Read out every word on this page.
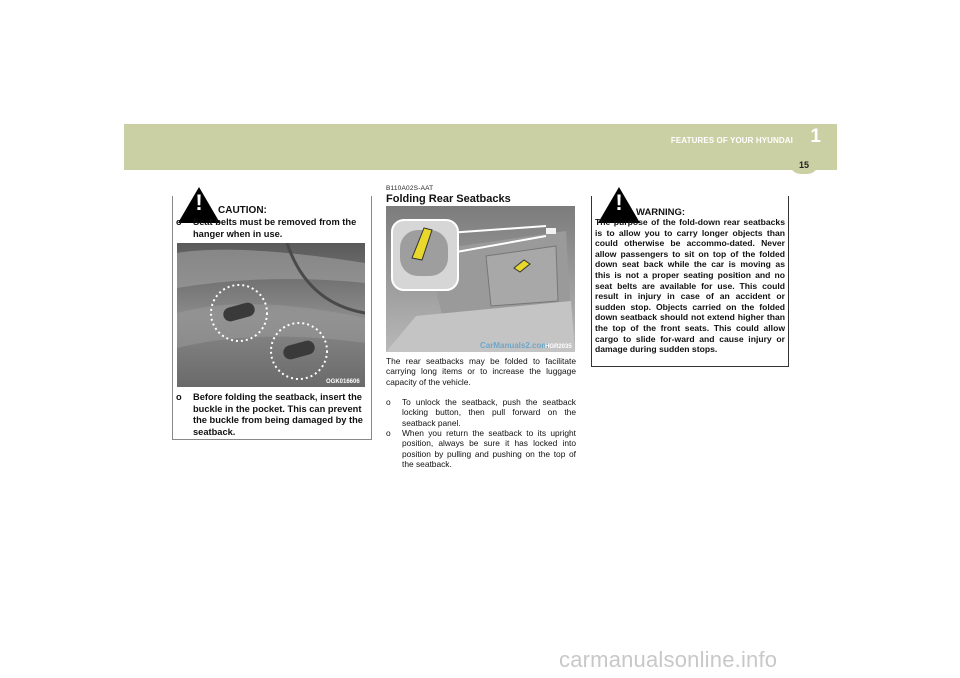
FEATURES OF YOUR HYUNDAI 1
15
!	CAUTION:
o	Seat belts must be removed from the hanger when in use.
OGK016606
o	Before folding the seatback, insert the buckle in the pocket. This can prevent the buckle from being damaged by the seatback.
B110A02S-AAT
Folding Rear Seatbacks
CarManuals2.com
HGR2035
The rear seatbacks may be folded to facilitate carrying long items or to increase the luggage capacity of the vehicle.
o	To unlock the seatback, push the seatback locking button, then pull forward on the seatback panel.
o	When you return the seatback to its upright position, always be sure it has locked into position by pulling and pushing on the top of the seatback.
!	WARNING:
The purpose of the fold-down rear seatbacks is to allow you to carry longer objects than could otherwise be accommo-dated. Never allow passengers to sit on top of the folded down seat back while the car is moving as this is not a proper seating position and no seat belts are available for use. This could result in injury in case of an accident or sudden stop. Objects carried on the folded down seatback should not extend higher than the top of the front seats. This could allow cargo to slide for-ward and cause injury or damage during sudden stops.
carmanualsonline.info
